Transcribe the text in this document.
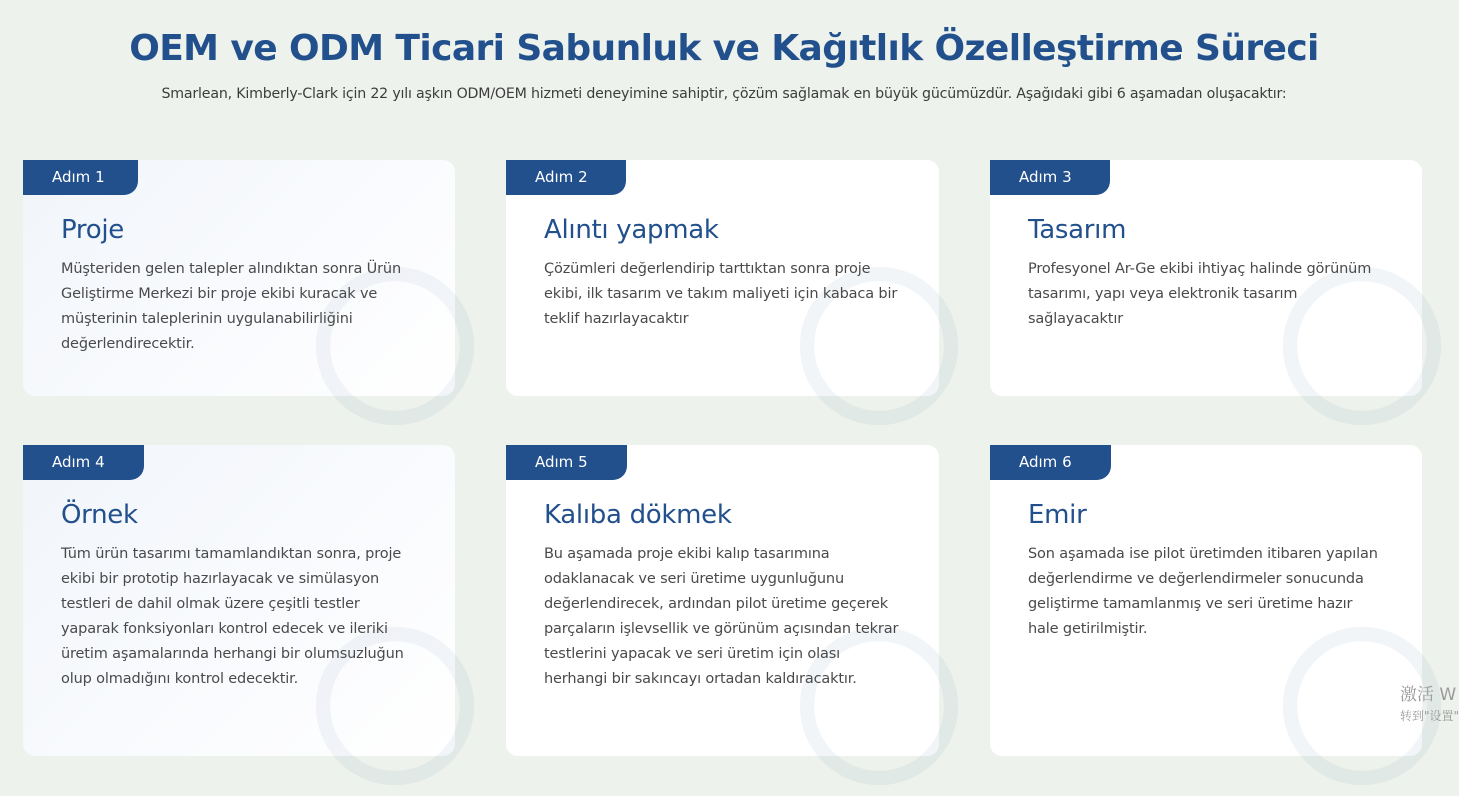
OEM ve ODM Ticari Sabunluk ve Kağıtlık Özelleştirme Süreci
Smarlean, Kimberly-Clark için 22 yılı aşkın ODM/OEM hizmeti deneyimine sahiptir, çözüm sağlamak en büyük gücümüzdür. Aşağıdaki gibi 6 aşamadan oluşacaktır:
Adım 1
Proje
Müşteriden gelen talepler alındıktan sonra Ürün Geliştirme Merkezi bir proje ekibi kuracak ve müşterinin taleplerinin uygulanabilirliğini değerlendirecektir.
Adım 2
Alıntı yapmak
Çözümleri değerlendirip tarttıktan sonra proje ekibi, ilk tasarım ve takım maliyeti için kabaca bir teklif hazırlayacaktır
Adım 3
Tasarım
Profesyonel Ar-Ge ekibi ihtiyaç halinde görünüm tasarımı, yapı veya elektronik tasarım sağlayacaktır
Adım 4
Örnek
Tüm ürün tasarımı tamamlandıktan sonra, proje ekibi bir prototip hazırlayacak ve simülasyon testleri de dahil olmak üzere çeşitli testler yaparak fonksiyonları kontrol edecek ve ileriki üretim aşamalarında herhangi bir olumsuzluğun olup olmadığını kontrol edecektir.
Adım 5
Kalıba dökmek
Bu aşamada proje ekibi kalıp tasarımına odaklanacak ve seri üretime uygunluğunu değerlendirecek, ardından pilot üretime geçerek parçaların işlevsellik ve görünüm açısından tekrar testlerini yapacak ve seri üretim için olası herhangi bir sakıncayı ortadan kaldıracaktır.
Adım 6
Emir
Son aşamada ise pilot üretimden itibaren yapılan değerlendirme ve değerlendirmeler sonucunda geliştirme tamamlanmış ve seri üretime hazır hale getirilmiştir.
激活 W
转到"设置"
